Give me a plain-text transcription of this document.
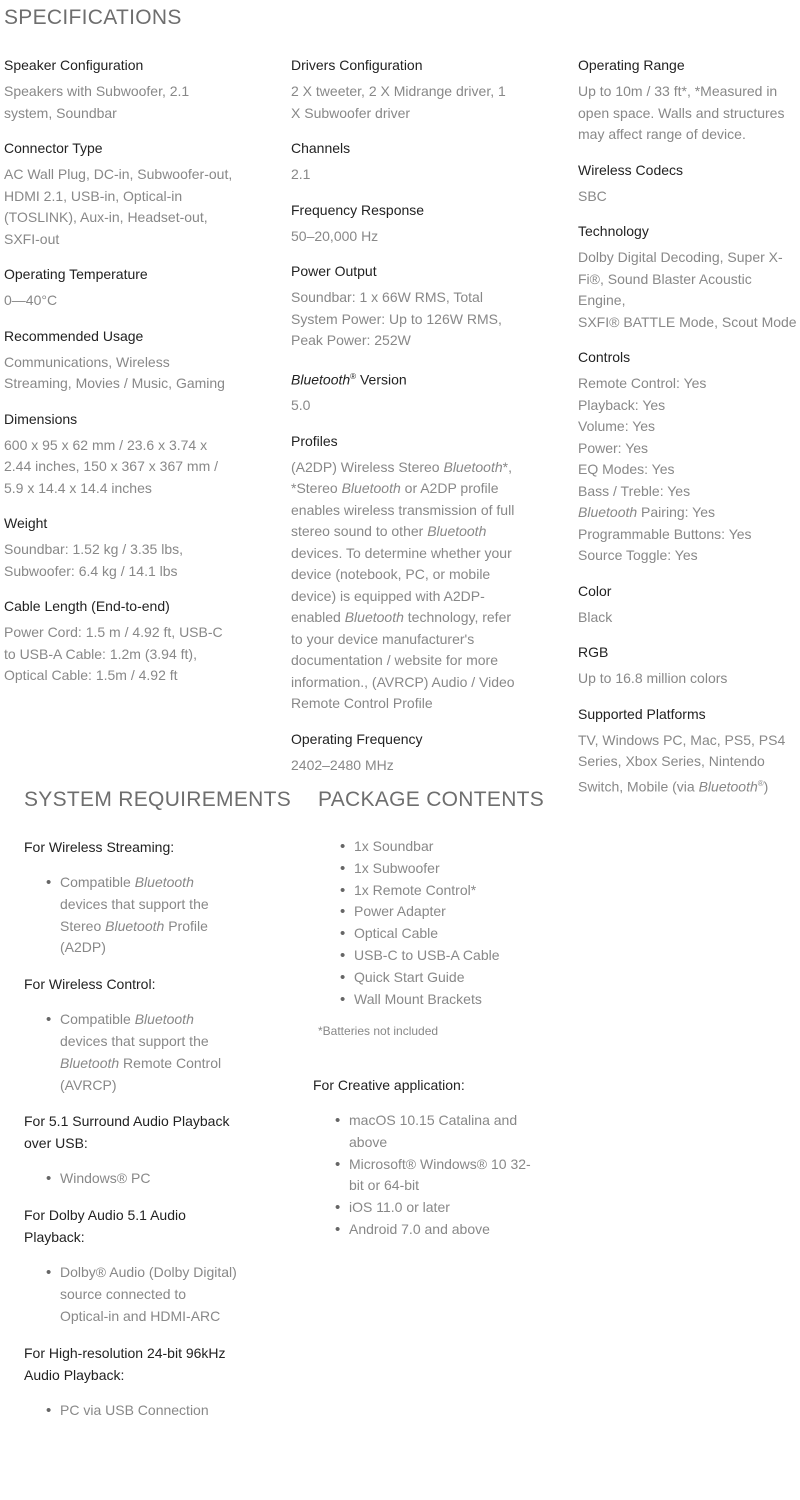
SPECIFICATIONS
Speaker Configuration
Speakers with Subwoofer, 2.1
system, Soundbar
Connector Type
AC Wall Plug, DC-in, Subwoofer-out,
HDMI 2.1, USB-in, Optical-in
(TOSLINK), Aux-in, Headset-out,
SXFI-out
Operating Temperature
0—40°C
Recommended Usage
Communications, Wireless
Streaming, Movies / Music, Gaming
Dimensions
600 x 95 x 62 mm / 23.6 x 3.74 x
2.44 inches, 150 x 367 x 367 mm /
5.9 x 14.4 x 14.4 inches
Weight
Soundbar: 1.52 kg / 3.35 lbs,
Subwoofer: 6.4 kg / 14.1 lbs
Cable Length (End-to-end)
Power Cord: 1.5 m / 4.92 ft, USB-C
to USB-A Cable: 1.2m (3.94 ft),
Optical Cable: 1.5m / 4.92 ft
Drivers Configuration
2 X tweeter, 2 X Midrange driver, 1
X Subwoofer driver
Channels
2.1
Frequency Response
50–20,000 Hz
Power Output
Soundbar: 1 x 66W RMS, Total
System Power: Up to 126W RMS,
Peak Power: 252W
Bluetooth® Version
5.0
Profiles
(A2DP) Wireless Stereo Bluetooth*,
*Stereo Bluetooth or A2DP profile
enables wireless transmission of full
stereo sound to other Bluetooth
devices. To determine whether your
device (notebook, PC, or mobile
device) is equipped with A2DP-
enabled Bluetooth technology, refer
to your device manufacturer's
documentation / website for more
information., (AVRCP) Audio / Video
Remote Control Profile
Operating Frequency
2402–2480 MHz
Operating Range
Up to 10m / 33 ft*, *Measured in
open space. Walls and structures
may affect range of device.
Wireless Codecs
SBC
Technology
Dolby Digital Decoding, Super X-
Fi®, Sound Blaster Acoustic Engine,
SXFI® BATTLE Mode, Scout Mode
Controls
Remote Control: Yes
Playback: Yes
Volume: Yes
Power: Yes
EQ Modes: Yes
Bass / Treble: Yes
Bluetooth Pairing: Yes
Programmable Buttons: Yes
Source Toggle: Yes
Color
Black
RGB
Up to 16.8 million colors
Supported Platforms
TV, Windows PC, Mac, PS5, PS4
Series, Xbox Series, Nintendo
Switch, Mobile (via Bluetooth®)
SYSTEM REQUIREMENTS
For Wireless Streaming:
• Compatible Bluetooth
devices that support the
Stereo Bluetooth Profile
(A2DP)
For Wireless Control:
• Compatible Bluetooth
devices that support the
Bluetooth Remote Control
(AVRCP)
For 5.1 Surround Audio Playback
over USB:
• Windows® PC
For Dolby Audio 5.1 Audio
Playback:
• Dolby® Audio (Dolby Digital)
source connected to
Optical-in and HDMI-ARC
For High-resolution 24-bit 96kHz
Audio Playback:
• PC via USB Connection
PACKAGE CONTENTS
• 1x Soundbar
• 1x Subwoofer
• 1x Remote Control*
• Power Adapter
• Optical Cable
• USB-C to USB-A Cable
• Quick Start Guide
• Wall Mount Brackets
*Batteries not included
For Creative application:
• macOS 10.15 Catalina and
above
• Microsoft® Windows® 10 32-
bit or 64-bit
• iOS 11.0 or later
• Android 7.0 and above
